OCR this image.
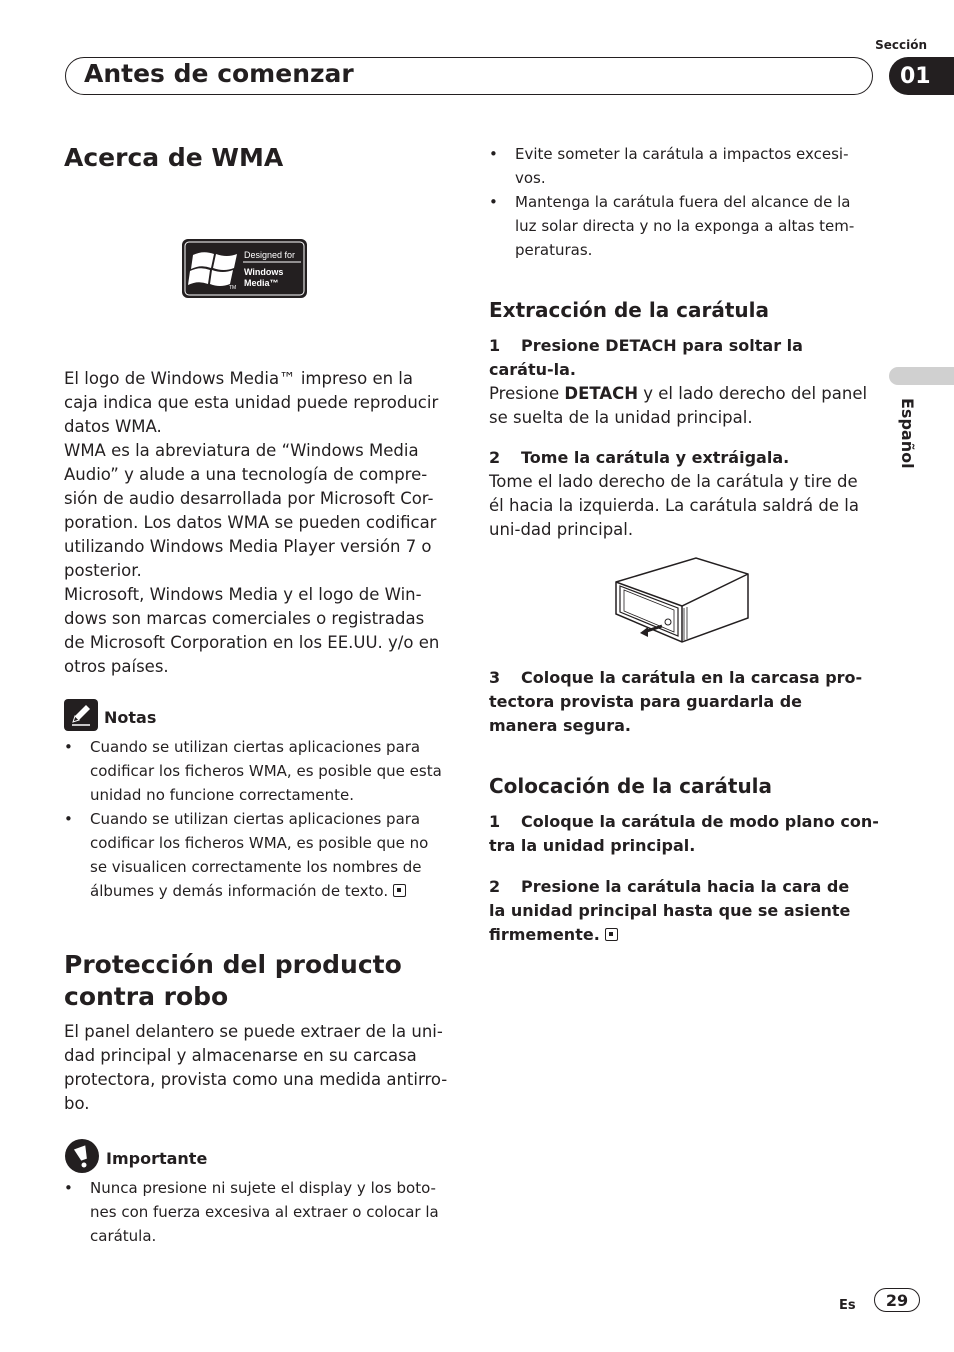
Sección
Antes de comenzar	01
Español
Acerca de WMA
Designed for
Windows
Media™
TM

El logo de Windows Media™ impreso en la caja indica que esta unidad puede reproducir datos WMA.

WMA es la abreviatura de “Windows Media Audio” y alude a una tecnología de compre-sión de audio desarrollada por Microsoft Cor-poration. Los datos WMA se pueden codificar utilizando Windows Media Player versión 7 o posterior.

Microsoft, Windows Media y el logo de Win-dows son marcas comerciales o registradas de Microsoft Corporation en los EE.UU. y/o en otros países.

Notas
• Cuando se utilizan ciertas aplicaciones para codificar los ficheros WMA, es posible que esta unidad no funcione correctamente.
• Cuando se utilizan ciertas aplicaciones para codificar los ficheros WMA, es posible que no se visualicen correctamente los nombres de álbumes y demás información de texto.
Protección del producto contra robo

El panel delantero se puede extraer de la uni-dad principal y almacenarse en su carcasa protectora, provista como una medida antirro-bo.

Importante
• Nunca presione ni sujete el display y los boto-nes con fuerza excesiva al extraer o colocar la carátula.
• Evite someter la carátula a impactos excesi-vos.
• Mantenga la carátula fuera del alcance de la luz solar directa y no la exponga a altas tem-peraturas.
Extracción de la carátula

1 Presione DETACH para soltar la carátu-la.

Presione DETACH y el lado derecho del panel se suelta de la unidad principal.

2 Tome la carátula y extráigala.

Tome el lado derecho de la carátula y tire de él hacia la izquierda. La carátula saldrá de la uni-dad principal.

3 Coloque la carátula en la carcasa pro-tectora provista para guardarla de manera segura.

Colocación de la carátula

1 Coloque la carátula de modo plano con-tra la unidad principal.

2 Presione la carátula hacia la cara de la unidad principal hasta que se asiente firmemente.

Es 29
